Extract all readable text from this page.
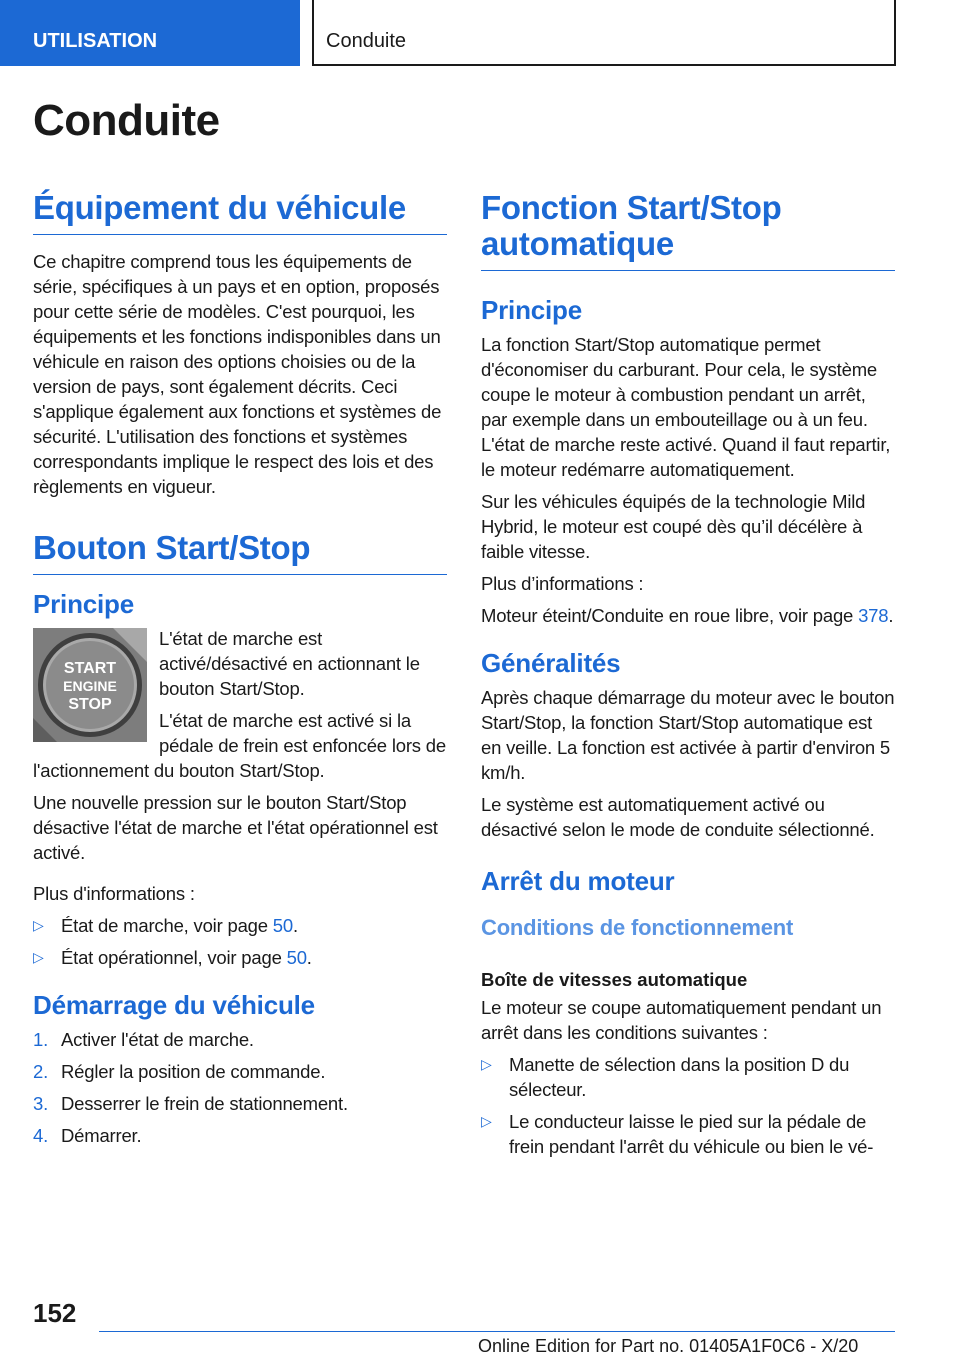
UTILISATION	Conduite
Conduite
Équipement du véhicule

Ce chapitre comprend tous les équipements de série, spécifiques à un pays et en option, proposés pour cette série de modèles. C'est pourquoi, les équipements et les fonctions indisponibles dans un véhicule en raison des options choisies ou de la version de pays, sont également décrits. Ceci s'applique également aux fonctions et systèmes de sécurité. L'utilisation des fonctions et systèmes correspondants implique le respect des lois et des règlements en vigueur.

Bouton Start/Stop
Principe
START
ENGINE
STOP

L'état de marche est activé/désactivé en actionnant le bouton Start/Stop.

L'état de marche est activé si la pédale de frein est enfoncée lors de l'actionnement du bouton Start/Stop.

Une nouvelle pression sur le bouton Start/Stop désactive l'état de marche et l'état opérationnel est activé.

Plus d'informations :

▷ État de marche, voir page 50.
▷ État opérationnel, voir page 50.
Démarrage du véhicule
1. Activer l'état de marche.
2. Régler la position de commande.
3. Desserrer le frein de stationnement.
4. Démarrer.
Fonction Start/Stop automatique
Principe

La fonction Start/Stop automatique permet d'économiser du carburant. Pour cela, le système coupe le moteur à combustion pendant un arrêt, par exemple dans un embouteillage ou à un feu. L'état de marche reste activé. Quand il faut repartir, le moteur redémarre automatiquement.

Sur les véhicules équipés de la technologie Mild Hybrid, le moteur est coupé dès qu’il décélère à faible vitesse.

Plus d’informations :

Moteur éteint/Conduite en roue libre, voir page 378.

Généralités

Après chaque démarrage du moteur avec le bouton Start/Stop, la fonction Start/Stop automatique est en veille. La fonction est activée à partir d'environ 5 km/h.

Le système est automatiquement activé ou désactivé selon le mode de conduite sélectionné.

Arrêt du moteur
Conditions de fonctionnement
Boîte de vitesses automatique

Le moteur se coupe automatiquement pendant un arrêt dans les conditions suivantes :

▷ Manette de sélection dans la position D du sélecteur.
▷ Le conducteur laisse le pied sur la pédale de frein pendant l'arrêt du véhicule ou bien le vé-
152
Online Edition for Part no. 01405A1F0C6 - X/20
